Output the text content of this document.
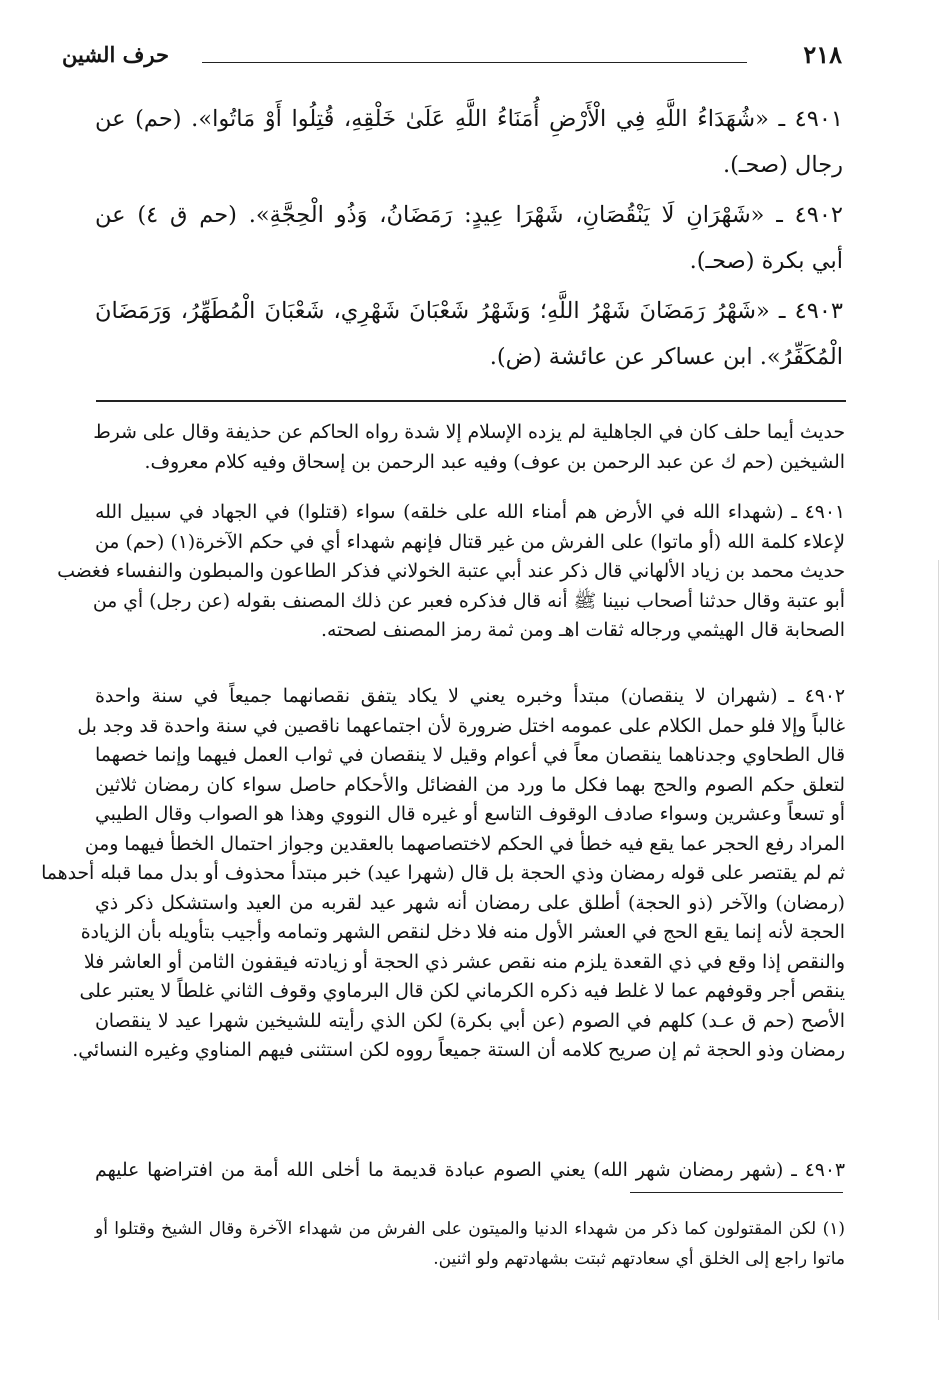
٢١٨
حرف الشين
٤٩٠١ ـ «شُهَدَاءُ اللَّهِ فِي الْأَرْضِ أُمَنَاءُ اللَّهِ عَلَىٰ خَلْقِهِ، قُتِلُوا أَوْ مَاتُوا». (حم) عن
رجال (صحـ).
٤٩٠٢ ـ «شَهْرَانِ لَا يَنْقُصَانِ، شَهْرَا عِيدٍ: رَمَضَانُ، وَذُو الْحِجَّةِ». (حم ق ٤) عن
أبي بكرة (صحـ).
٤٩٠٣ ـ «شَهْرُ رَمَضَانَ شَهْرُ اللَّهِ؛ وَشَهْرُ شَعْبَانَ شَهْرِي، شَعْبَانَ الْمُطَهِّرُ، وَرَمَضَانَ
الْمُكَفِّرُ». ابن عساكر عن عائشة (ض).
حديث أيما حلف كان في الجاهلية لم يزده الإسلام إلا شدة رواه الحاكم عن حذيفة وقال على شرط
الشيخين (حم ك عن عبد الرحمن بن عوف) وفيه عبد الرحمن بن إسحاق وفيه كلام معروف.
٤٩٠١ ـ (شهداء الله في الأرض هم أمناء الله على خلقه) سواء (قتلوا) في الجهاد في سبيل الله
لإعلاء كلمة الله (أو ماتوا) على الفرش من غير قتال فإنهم شهداء أي في حكم الآخرة(١) (حم) من
حديث محمد بن زياد الألهاني قال ذكر عند أبي عتبة الخولاني فذكر الطاعون والمبطون والنفساء فغضب
أبو عتبة وقال حدثنا أصحاب نبينا ﷺ أنه قال فذكره فعبر عن ذلك المصنف بقوله (عن رجل) أي من
الصحابة قال الهيثمي ورجاله ثقات اهـ ومن ثمة رمز المصنف لصحته.
٤٩٠٢ ـ (شهران لا ينقصان) مبتدأ وخبره يعني لا يكاد يتفق نقصانهما جميعاً في سنة واحدة
غالباً وإلا فلو حمل الكلام على عمومه اختل ضرورة لأن اجتماعهما ناقصين في سنة واحدة قد وجد بل
قال الطحاوي وجدناهما ينقصان معاً في أعوام وقيل لا ينقصان في ثواب العمل فيهما وإنما خصهما
لتعلق حكم الصوم والحج بهما فكل ما ورد من الفضائل والأحكام حاصل سواء كان رمضان ثلاثين
أو تسعاً وعشرين وسواء صادف الوقوف التاسع أو غيره قال النووي وهذا هو الصواب وقال الطيبي
المراد رفع الحجر عما يقع فيه خطأ في الحكم لاختصاصهما بالعقدين وجواز احتمال الخطأ فيهما ومن
ثم لم يقتصر على قوله رمضان وذي الحجة بل قال (شهرا عيد) خبر مبتدأ محذوف أو بدل مما قبله أحدهما
(رمضان) والآخر (ذو الحجة) أطلق على رمضان أنه شهر عيد لقربه من العيد واستشكل ذكر ذي
الحجة لأنه إنما يقع الحج في العشر الأول منه فلا دخل لنقص الشهر وتمامه وأجيب بتأويله بأن الزيادة
والنقص إذا وقع في ذي القعدة يلزم منه نقص عشر ذي الحجة أو زيادته فيقفون الثامن أو العاشر فلا
ينقص أجر وقوفهم عما لا غلط فيه ذكره الكرماني لكن قال البرماوي وقوف الثاني غلطاً لا يعتبر على
الأصح (حم ق عـد) كلهم في الصوم (عن أبي بكرة) لكن الذي رأيته للشيخين شهرا عيد لا ينقصان
رمضان وذو الحجة ثم إن صريح كلامه أن الستة جميعاً رووه لكن استثنى فيهم المناوي وغيره النسائي.
٤٩٠٣ ـ (شهر رمضان شهر الله) يعني الصوم عبادة قديمة ما أخلى الله أمة من افتراضها عليهم
(١) لكن المقتولون كما ذكر من شهداء الدنيا والميتون على الفرش من شهداء الآخرة وقال الشيخ وقتلوا أو
ماتوا راجع إلى الخلق أي سعادتهم ثبتت بشهادتهم ولو اثنين.
